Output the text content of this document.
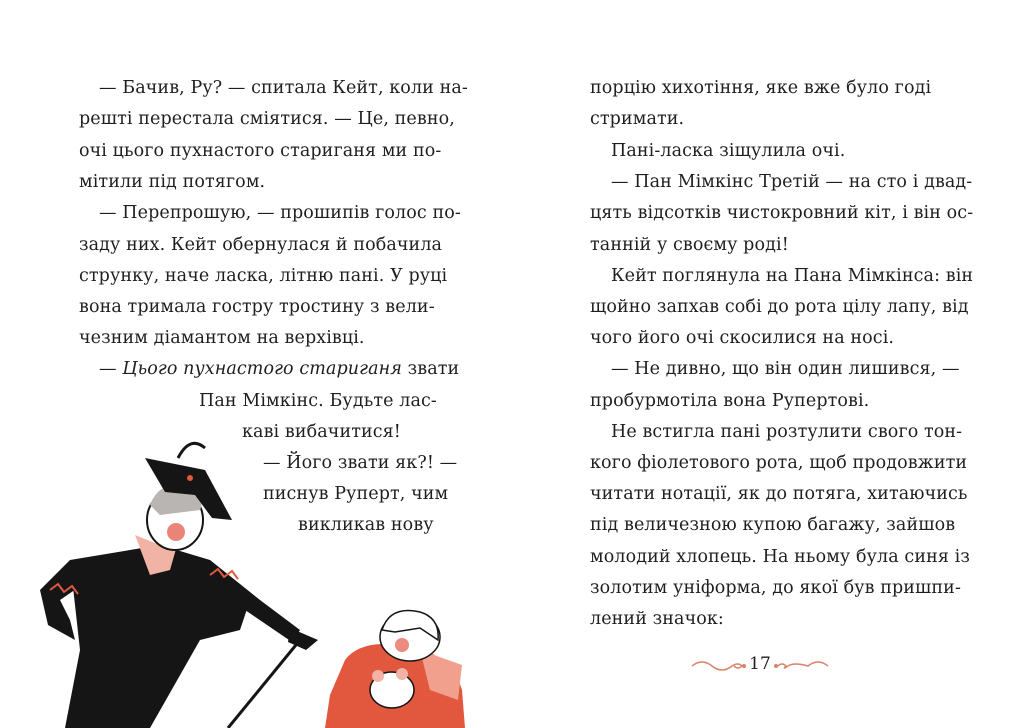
— Бачив, Ру? — спитала Кейт, коли на-
решті перестала сміятися. — Це, певно,
очі цього пухнастого стариганя ми по-
мітили під потягом.
— Перепрошую, — прошипів голос по-
заду них. Кейт обернулася й побачила
струнку, наче ласка, літню пані. У руці
вона тримала гостру тростину з вели-
чезним діамантом на верхівці.
— Цього пухнастого стариганя звати
Пан Мімкінс. Будьте лас-
каві вибачитися!
— Його звати як?! —
писнув Руперт, чим
викликав нову
порцію хихотіння, яке вже було годі
стримати.
Пані-ласка зіщулила очі.
— Пан Мімкінс Третій — на сто і двад-
цять відсотків чистокровний кіт, і він ос-
танній у своєму роді!
Кейт поглянула на Пана Мімкінса: він
щойно запхав собі до рота цілу лапу, від
чого його очі скосилися на носі.
— Не дивно, що він один лишився, —
пробурмотіла вона Рупертові.
Не встигла пані розтулити свого тон-
кого фіолетового рота, щоб продовжити
читати нотації, як до потяга, хитаючись
під величезною купою багажу, зайшов
молодий хлопець. На ньому була синя із
золотим уніформа, до якої був пришпи-
лений значок:
17
